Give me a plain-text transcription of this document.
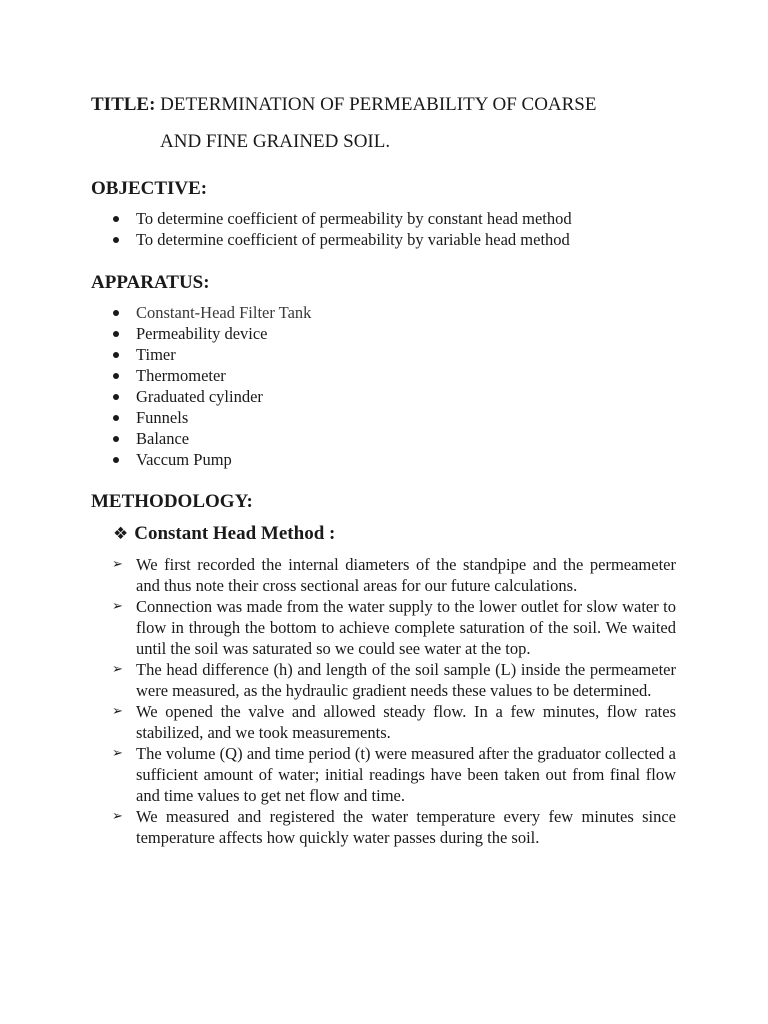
TITLE: DETERMINATION OF PERMEABILITY OF COARSE
AND FINE GRAINED SOIL.
OBJECTIVE:
To determine coefficient of permeability by constant head method
To determine coefficient of permeability by variable head method
APPARATUS:
Constant-Head Filter Tank
Permeability device
Timer
Thermometer
Graduated cylinder
Funnels
Balance
Vaccum Pump
METHODOLOGY:
❖ Constant Head Method :
➢ We first recorded the internal diameters of the standpipe and the permeameter and thus note their cross sectional areas for our future calculations.
➢ Connection was made from the water supply to the lower outlet for slow water to flow in through the bottom to achieve complete saturation of the soil. We waited until the soil was saturated so we could see water at the top.
➢ The head difference (h) and length of the soil sample (L) inside the permeameter were measured, as the hydraulic gradient needs these values to be determined.
➢ We opened the valve and allowed steady flow. In a few minutes, flow rates stabilized, and we took measurements.
➢ The volume (Q) and time period (t) were measured after the graduator collected a sufficient amount of water; initial readings have been taken out from final flow and time values to get net flow and time.
➢ We measured and registered the water temperature every few minutes since temperature affects how quickly water passes during the soil.
